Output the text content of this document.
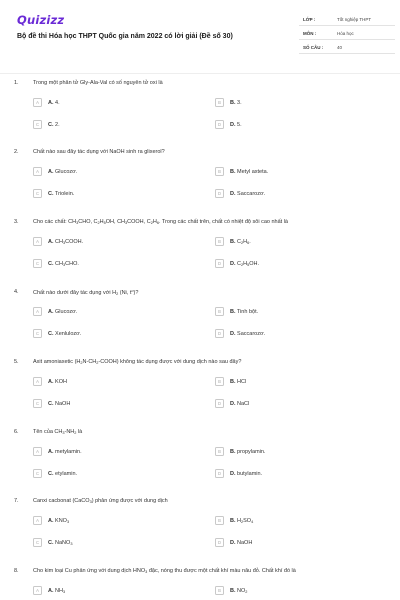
Quizizz
Bộ đề thi Hóa học THPT Quốc gia năm 2022 có lời giải (Đề số 30)
LỚP :	Tốt nghiệp THPT
MÔN :	Hóa học
SỐ CÂU :	40
1.	Trong một phân tử Gly-Ala-Val có số nguyên tử oxi là
A	A. 4.	B	B. 3.
C	C. 2.	D	D. 5.
2.	Chất nào sau đây tác dụng với NaOH sinh ra glixerol?
A	A. Glucozơ.	B	B. Metyl axteta.
C	C. Triolein.	D	D. Saccarozơ.
3.	Cho các chất: $CH_3CHO$, $C_2H_5OH$, $CH_3COOH$, $C_2H_6$. Trong các chất trên, chất có nhiệt độ sôi cao nhất là
A	A. $CH_3COOH$.	B	B. $C_2H_6$.
C	C. $CH_3CHO$.	D	D. $C_2H_5OH$.
4.	Chất nào dưới đây tác dụng với $H_2$ (Ni, $t^o$)?
A	A. Glucozơ.	B	B. Tinh bột.
C	C. Xenlulozơ.	D	D. Saccarozơ.
5.	Axit amoniaxetic $(H_2N-CH_2-COOH)$ không tác dụng được với dung dịch nào sau đây?
A	A. KOH	B	B. HCl
C	C. NaOH	D	D. NaCl
6.	Tên của $CH_3-NH_2$ là
A	A. metylamin.	B	B. propylamin.
C	C. etylamin.	D	D. butylamin.
7.	Canxi cacbonat (CaCO$_3$) phản ứng được với dung dịch
A	A. $KNO_3$	B	B. $H_2SO_4$
C	C. NaNO$_3$	D	D. NaOH
8.	Cho kim loại Cu phản ứng với dung dịch $HNO_3$ đặc, nóng thu được một chất khí màu nâu đỏ. Chất khí đó là
A	A. $NH_3$	B	B. $NO_2$
